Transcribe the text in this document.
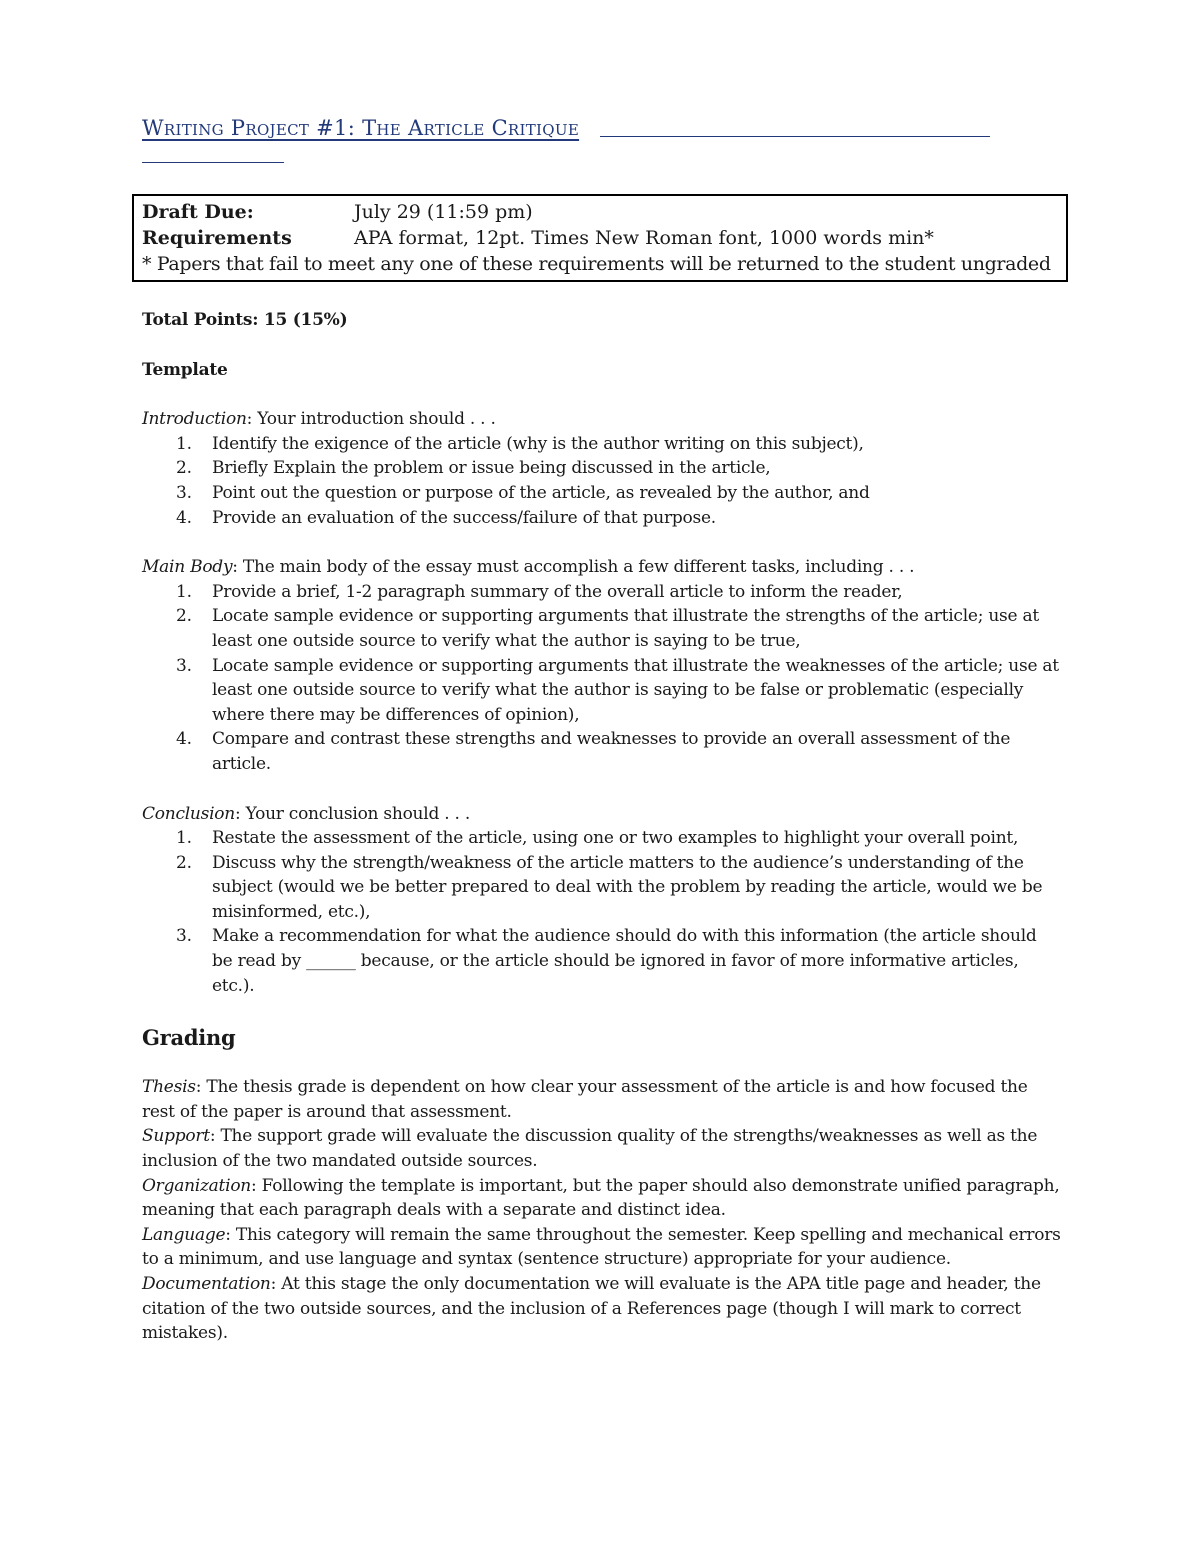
Writing Project #1: The Article Critique
Draft Due:	July 29 (11:59 pm)
Requirements	APA format, 12pt. Times New Roman font, 1000 words min*
* Papers that fail to meet any one of these requirements will be returned to the student ungraded

Total Points: 15 (15%)

Template

Introduction: Your introduction should . . .

1. Identify the exigence of the article (why is the author writing on this subject),
2. Briefly Explain the problem or issue being discussed in the article,
3. Point out the question or purpose of the article, as revealed by the author, and
4. Provide an evaluation of the success/failure of that purpose.

Main Body: The main body of the essay must accomplish a few different tasks, including . . .

1. Provide a brief, 1-2 paragraph summary of the overall article to inform the reader,
2. Locate sample evidence or supporting arguments that illustrate the strengths of the article; use at least one outside source to verify what the author is saying to be true,
3. Locate sample evidence or supporting arguments that illustrate the weaknesses of the article; use at least one outside source to verify what the author is saying to be false or problematic (especially where there may be differences of opinion),
4. Compare and contrast these strengths and weaknesses to provide an overall assessment of the article.

Conclusion: Your conclusion should . . .

1. Restate the assessment of the article, using one or two examples to highlight your overall point,
2. Discuss why the strength/weakness of the article matters to the audience’s understanding of the subject (would we be better prepared to deal with the problem by reading the article, would we be misinformed, etc.),
3. Make a recommendation for what the audience should do with this information (the article should be read by ______ because, or the article should be ignored in favor of more informative articles, etc.).

Grading

Thesis: The thesis grade is dependent on how clear your assessment of the article is and how focused the rest of the paper is around that assessment.

Support: The support grade will evaluate the discussion quality of the strengths/weaknesses as well as the inclusion of the two mandated outside sources.

Organization: Following the template is important, but the paper should also demonstrate unified paragraph, meaning that each paragraph deals with a separate and distinct idea.

Language: This category will remain the same throughout the semester. Keep spelling and mechanical errors to a minimum, and use language and syntax (sentence structure) appropriate for your audience.

Documentation: At this stage the only documentation we will evaluate is the APA title page and header, the citation of the two outside sources, and the inclusion of a References page (though I will mark to correct mistakes).
